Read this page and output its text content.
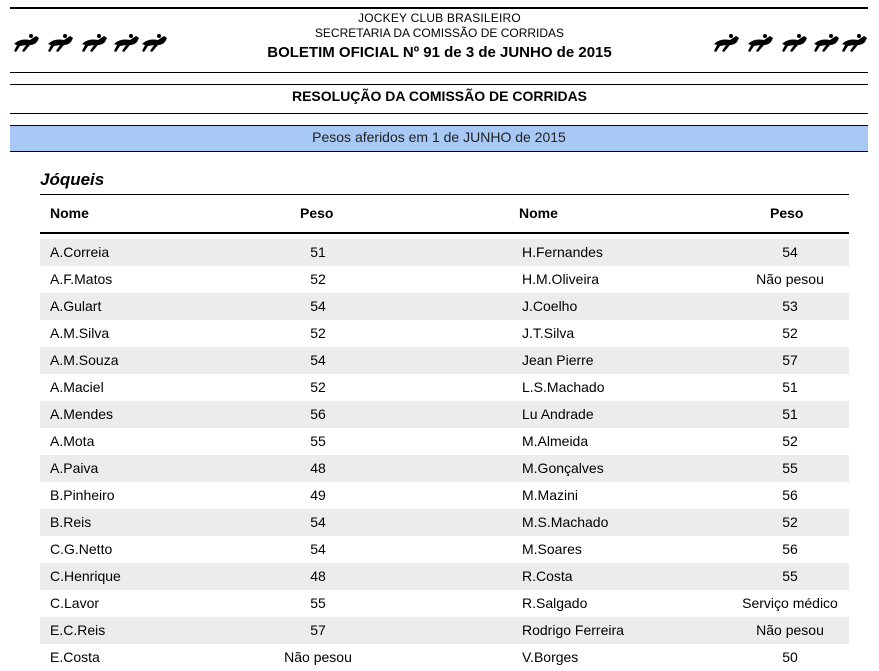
JOCKEY CLUB BRASILEIRO
SECRETARIA DA COMISSÃO DE CORRIDAS
BOLETIM OFICIAL Nº 91 de 3 de JUNHO de 2015
RESOLUÇÃO DA COMISSÃO DE CORRIDAS
Pesos aferidos em 1 de JUNHO de 2015
Jóqueis
Nome	Peso	Nome	Peso
A.Correia	51	H.Fernandes	54
A.F.Matos	52	H.M.Oliveira	Não pesou
A.Gulart	54	J.Coelho	53
A.M.Silva	52	J.T.Silva	52
A.M.Souza	54	Jean Pierre	57
A.Maciel	52	L.S.Machado	51
A.Mendes	56	Lu Andrade	51
A.Mota	55	M.Almeida	52
A.Paiva	48	M.Gonçalves	55
B.Pinheiro	49	M.Mazini	56
B.Reis	54	M.S.Machado	52
C.G.Netto	54	M.Soares	56
C.Henrique	48	R.Costa	55
C.Lavor	55	R.Salgado	Serviço médico
E.C.Reis	57	Rodrigo Ferreira	Não pesou
E.Costa	Não pesou	V.Borges	50
